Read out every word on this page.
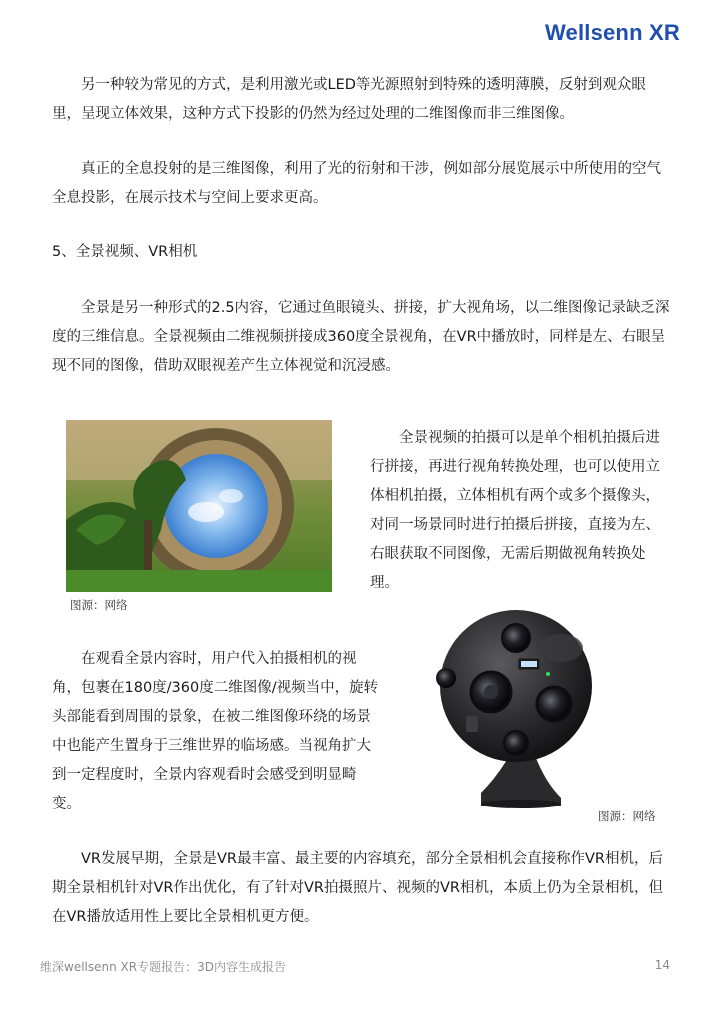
Wellsenn XR

另一种较为常见的方式，是利用激光或LED等光源照射到特殊的透明薄膜，反射到观众眼里，呈现立体效果，这种方式下投影的仍然为经过处理的二维图像而非三维图像。

真正的全息投射的是三维图像，利用了光的衍射和干涉，例如部分展览展示中所使用的空气全息投影，在展示技术与空间上要求更高。

5、全景视频、VR相机

全景是另一种形式的2.5内容，它通过鱼眼镜头、拼接，扩大视角场，以二维图像记录缺乏深度的三维信息。全景视频由二维视频拼接成360度全景视角，在VR中播放时，同样是左、右眼呈现不同的图像，借助双眼视差产生立体视觉和沉浸感。

图源：网络

全景视频的拍摄可以是单个相机拍摄后进行拼接，再进行视角转换处理，也可以使用立体相机拍摄，立体相机有两个或多个摄像头，对同一场景同时进行拍摄后拼接，直接为左、右眼获取不同图像，无需后期做视角转换处理。

在观看全景内容时，用户代入拍摄相机的视角，包裹在180度/360度二维图像/视频当中，旋转头部能看到周围的景象，在被二维图像环绕的场景中也能产生置身于三维世界的临场感。当视角扩大到一定程度时，全景内容观看时会感受到明显畸变。

图源：网络

VR发展早期，全景是VR最丰富、最主要的内容填充，部分全景相机会直接称作VR相机，后期全景相机针对VR作出优化，有了针对VR拍摄照片、视频的VR相机，本质上仍为全景相机，但在VR播放适用性上要比全景相机更方便。

维深wellsenn XR专题报告：3D内容生成报告	14
